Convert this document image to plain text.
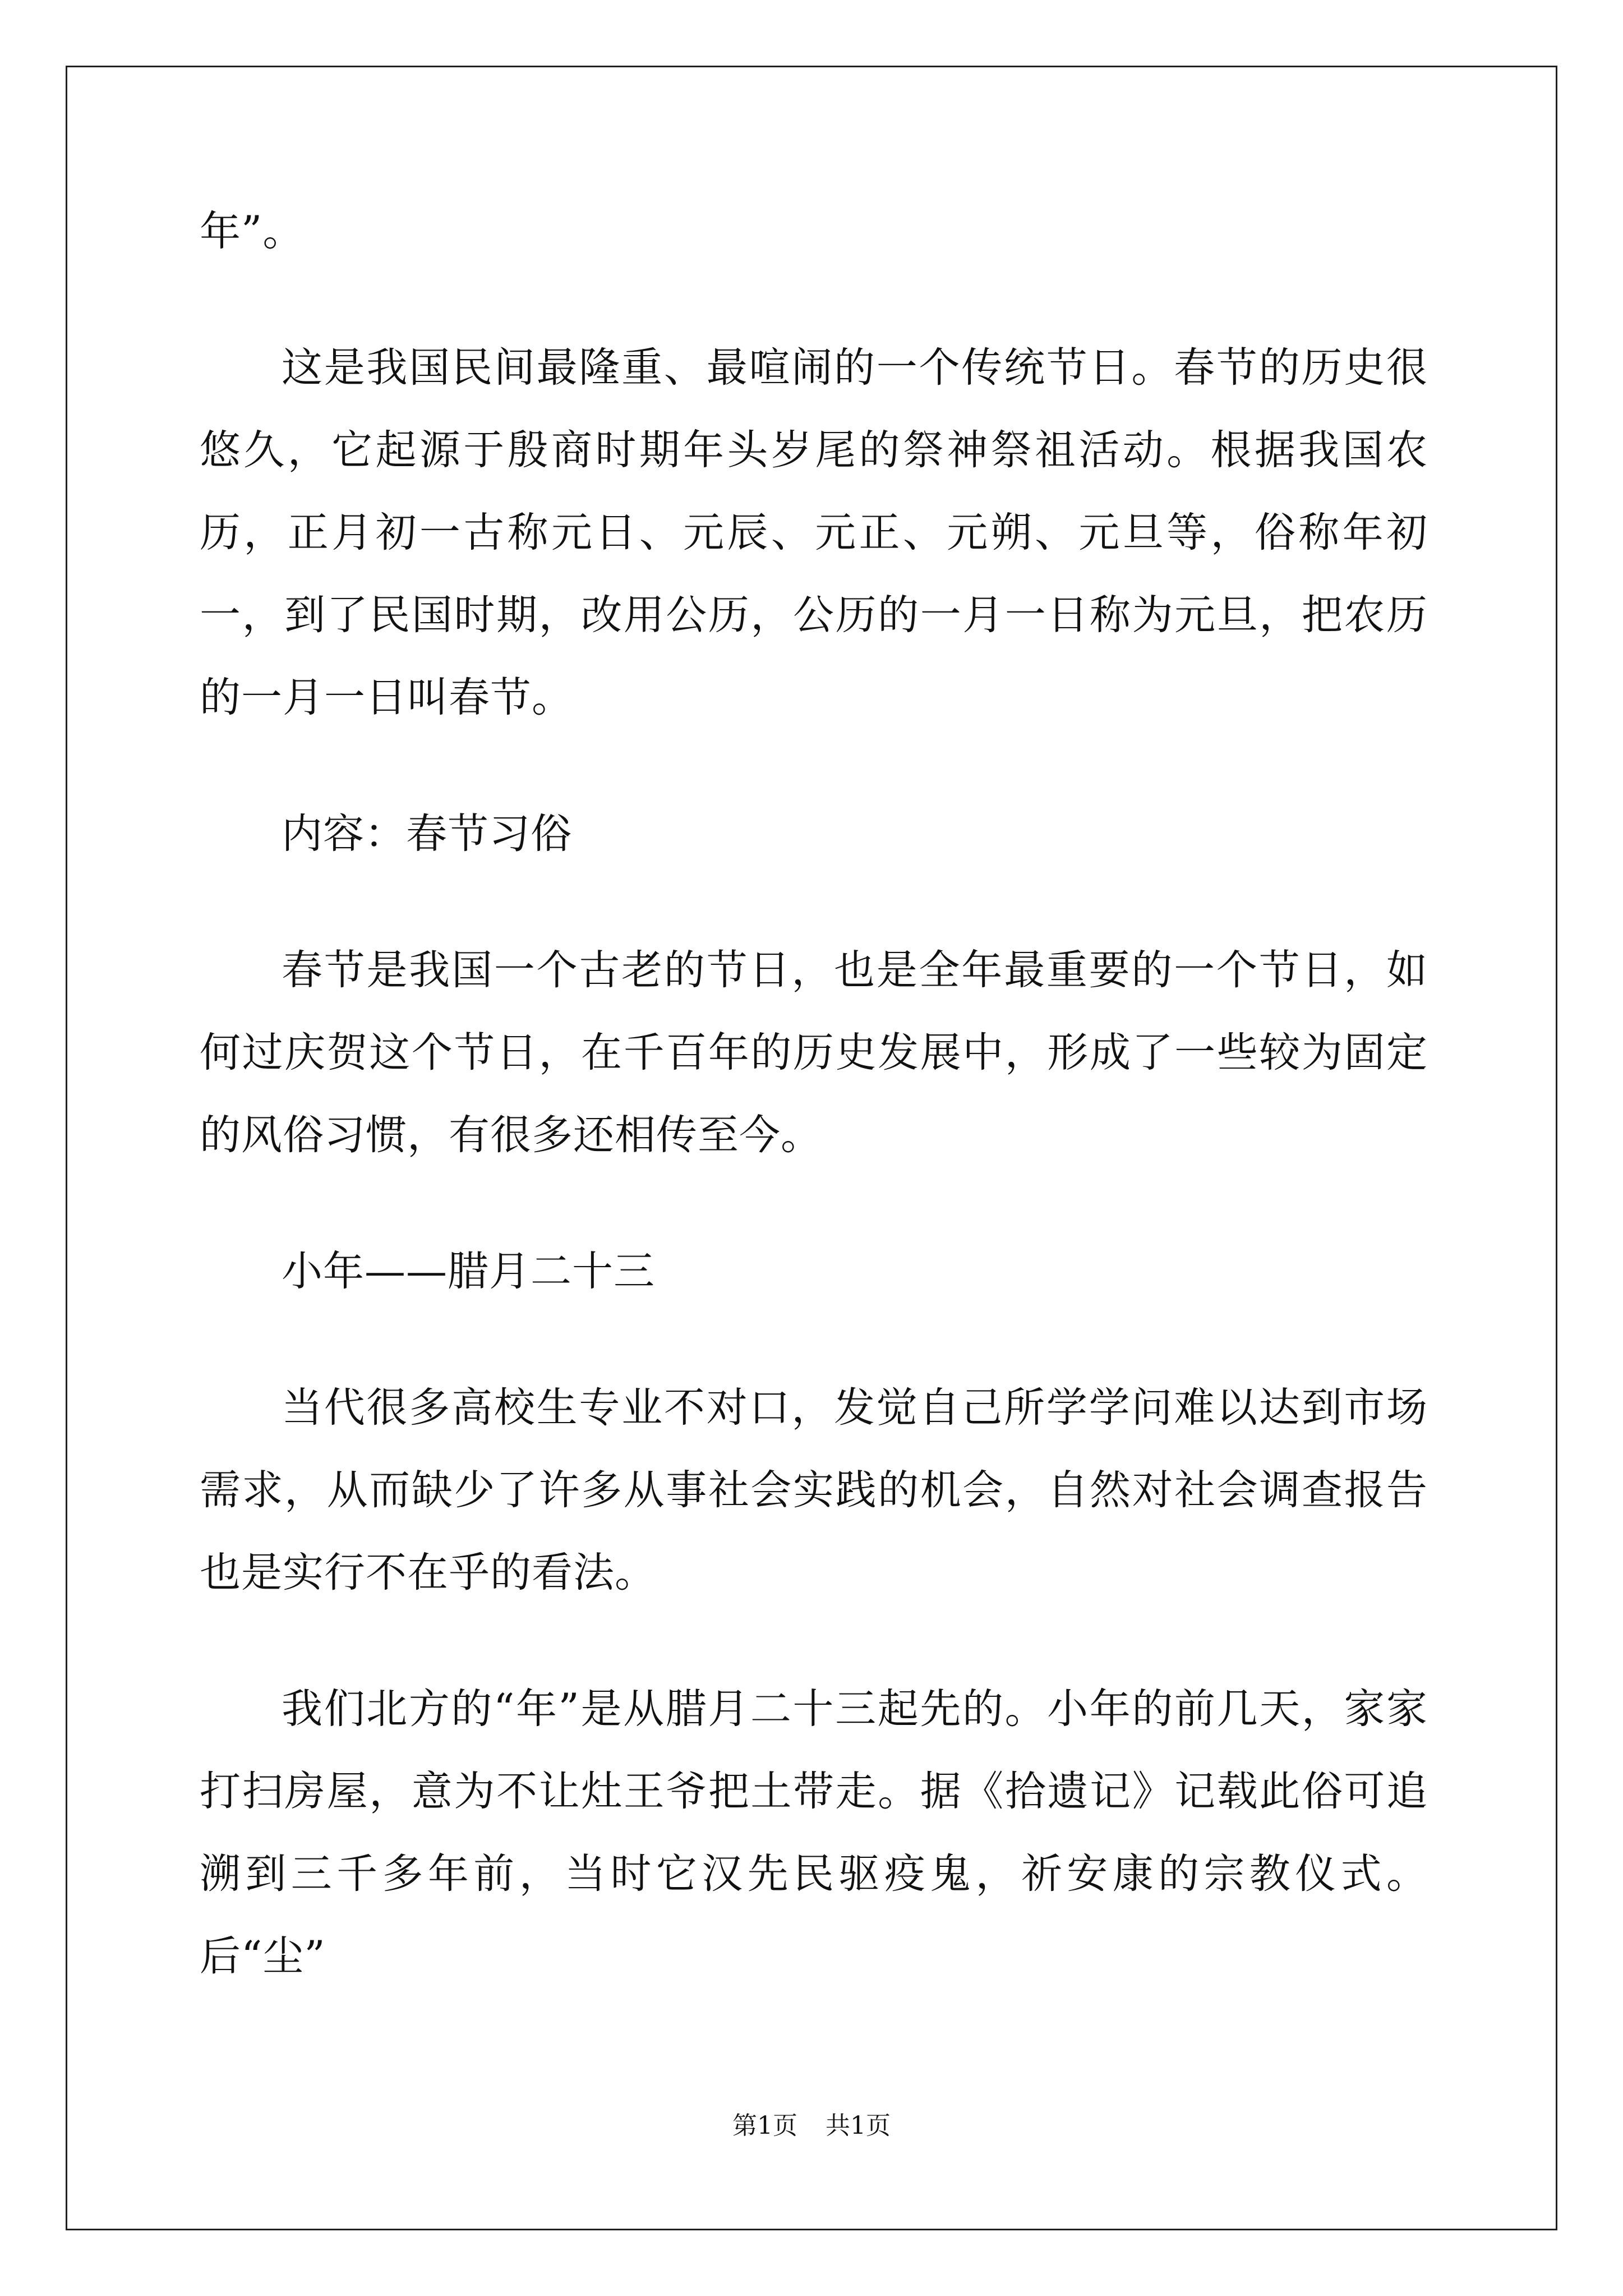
年”。

这是我国民间最隆重、最喧闹的一个传统节日。春节的历史很悠久，它起源于殷商时期年头岁尾的祭神祭祖活动。根据我国农历，正月初一古称元日、元辰、元正、元朔、元旦等，俗称年初一，到了民国时期，改用公历，公历的一月一日称为元旦，把农历的一月一日叫春节。

内容：春节习俗

春节是我国一个古老的节日，也是全年最重要的一个节日，如何过庆贺这个节日，在千百年的历史发展中，形成了一些较为固定的风俗习惯，有很多还相传至今。

小年——腊月二十三

当代很多高校生专业不对口，发觉自己所学学问难以达到市场需求，从而缺少了许多从事社会实践的机会，自然对社会调查报告也是实行不在乎的看法。

我们北方的“年”是从腊月二十三起先的。小年的前几天，家家打扫房屋，意为不让灶王爷把土带走。据《拾遗记》记载此俗可追溯到三千多年前，当时它汉先民驱疫鬼，祈安康的宗教仪式。后“尘”

第1页 共1页
